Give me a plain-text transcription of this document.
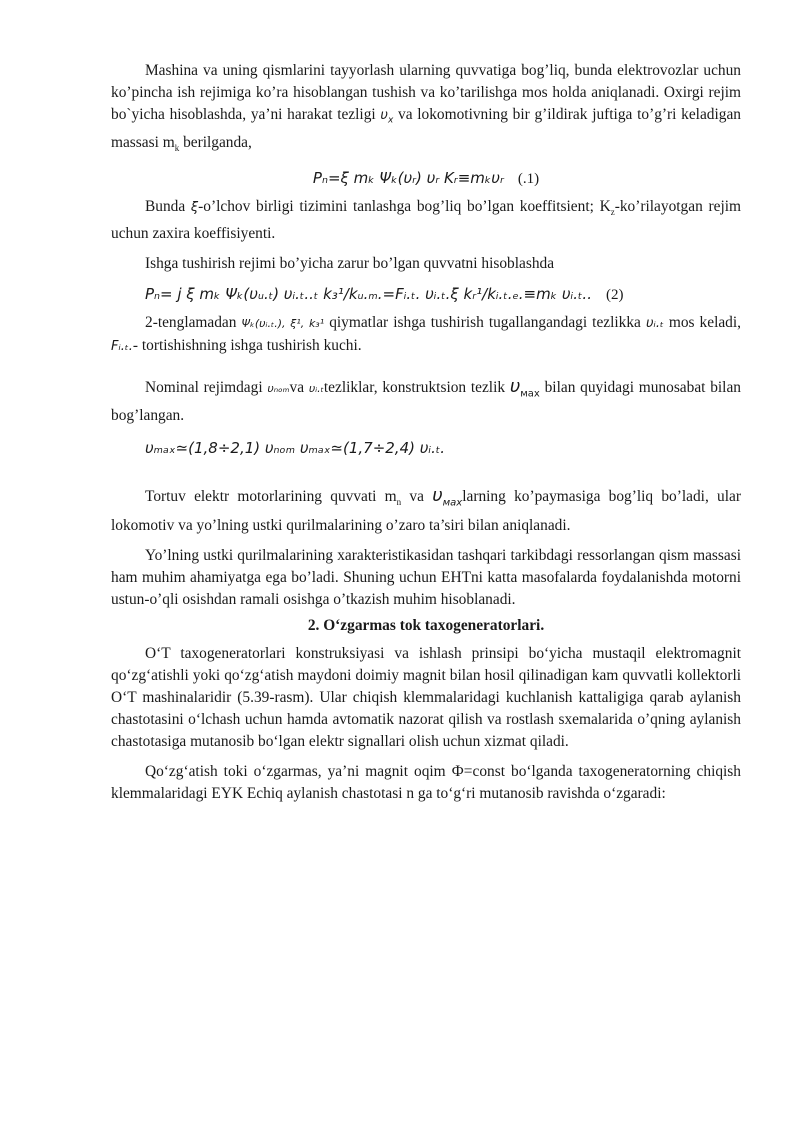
Mashina va uning qismlarini tayyorlash ularning quvvatiga bog’liq, bunda elektrovozlar uchun ko’pincha ish rejimiga ko’ra hisoblangan tushish va ko’tarilishga mos holda aniqlanadi. Oxirgi rejim bo`yicha hisoblashda, ya’ni harakat tezligi $\upsilon_x$ va lokomotivning bir g’ildirak juftiga to’g’ri keladigan massasi $m_k$ berilganda,

Pₙ=ξ mₖ Ψₖ(υᵣ) υᵣ Kᵣ≡mₖυᵣ (.1)

Bunda ξ-o’lchov birligi tizimini tanlashga bog’liq bo’lgan koeffitsient; $K_z-ko’rilayotgan$ rejim uchun zaxira koeffisiyenti.

Ishga tushirish rejimi bo’yicha zarur bo’lgan quvvatni hisoblashda

Pₙ= j ξ mₖ Ψₖ(υᵤ.ₜ) υᵢ.ₜ..ₜ k₃¹/kᵤ.ₘ.=Fᵢ.ₜ. υᵢ.ₜ.ξ kᵣ¹/kᵢ.ₜ.ₑ.≡mₖ υᵢ.ₜ.. (2)

2-tenglamadan Ψₖ(υᵢ.ₜ.), ξ¹, k₃¹ qiymatlar ishga tushirish tugallangandagi tezlikka υᵢ.ₜ mos keladi, Fᵢ.ₜ.- tortishishning ishga tushirish kuchi.

Nominal rejimdagi υₙₒₘva υᵢ.ₜtezliklar, konstruktsion tezlik $\upsilon_{мах}$ bilan quyidagi munosabat bilan bog’langan.

υₘₐₓ≃(1,8÷2,1) υₙₒₘ υₘₐₓ≃(1,7÷2,4) υᵢ.ₜ.

Tortuv elektr motorlarining quvvati $m_n$ va $\upsilon_{мах}larning$ ko’paymasiga bog’liq bo’ladi, ular lokomotiv va yo’lning ustki qurilmalarining o’zaro ta’siri bilan aniqlanadi.

Yo’lning ustki qurilmalarining xarakteristikasidan tashqari tarkibdagi ressorlangan qism massasi ham muhim ahamiyatga ega bo’ladi. Shuning uchun EHTni katta masofalarda foydalanishda motorni ustun-o’qli osishdan ramali osishga o’tkazish muhim hisoblanadi.

2. O‘zgarmas tok taxogeneratorlari.

O‘T taxogeneratorlari konstruksiyasi va ishlash prinsipi bo‘yicha mustaqil elektromagnit qo‘zg‘atishli yoki qo‘zg‘atish maydoni doimiy magnit bilan hosil qilinadigan kam quvvatli kollektorli O‘T mashinalaridir (5.39-rasm). Ular chiqish klemmalaridagi kuchlanish kattaligiga qarab aylanish chastotasini o‘lchash uchun hamda avtomatik nazorat qilish va rostlash sxemalarida o’qning aylanish chastotasiga mutanosib bo‘lgan elektr signallari olish uchun xizmat qiladi.

Qo‘zg‘atish toki o‘zgarmas, ya’ni magnit oqim Ф=const bo‘lganda taxogeneratorning chiqish klemmalaridagi EYK Echiq aylanish chastotasi n ga to‘g‘ri mutanosib ravishda o‘zgaradi:
